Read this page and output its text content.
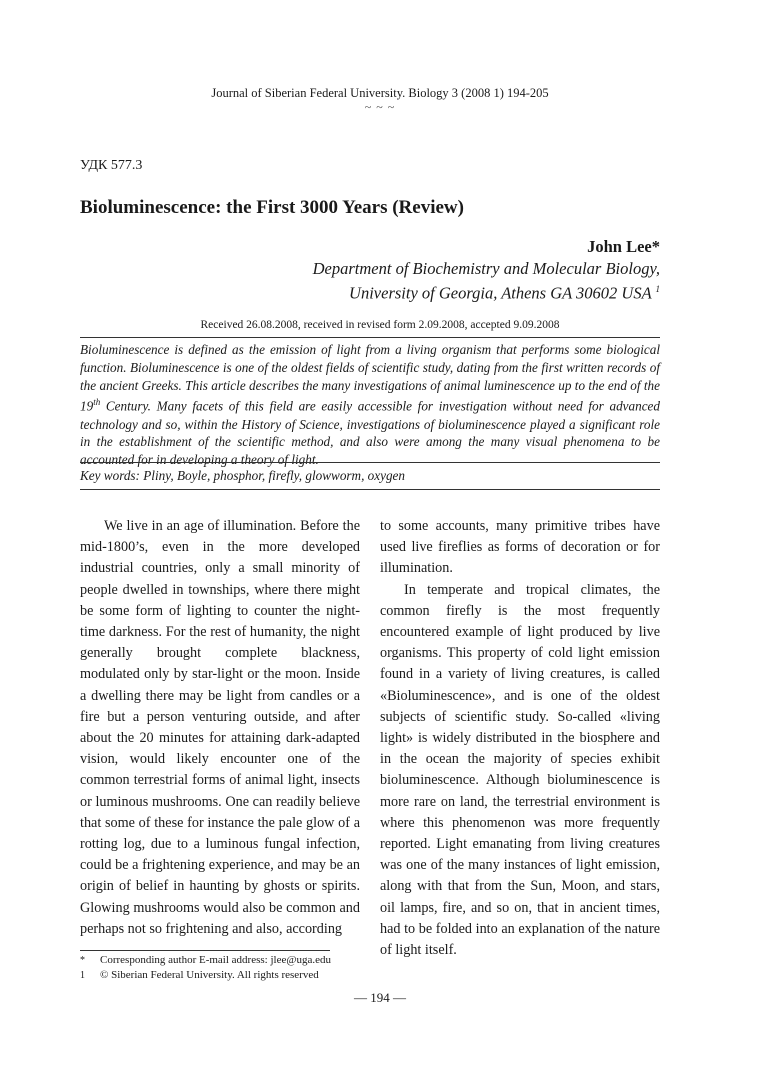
Journal of Siberian Federal University. Biology 3 (2008 1) 194-205
~ ~ ~
УДК 577.3
Bioluminescence: the First 3000 Years (Review)
John Lee*
Department of Biochemistry and Molecular Biology,
University of Georgia, Athens GA 30602 USA $^1$
Received 26.08.2008, received in revised form 2.09.2008, accepted 9.09.2008
Bioluminescence is defined as the emission of light from a living organism that performs some biological function. Bioluminescence is one of the oldest fields of scientific study, dating from the first written records of the ancient Greeks. This article describes the many investigations of animal luminescence up to the end of the 19th Century. Many facets of this field are easily accessible for investigation without need for advanced technology and so, within the History of Science, investigations of bioluminescence played a significant role in the establishment of the scientific method, and also were among the many visual phenomena to be accounted for in developing a theory of light.
Key words: Pliny, Boyle, phosphor, firefly, glowworm, oxygen

We live in an age of illumination. Before the mid-1800’s, even in the more developed industrial countries, only a small minority of people dwelled in townships, where there might be some form of lighting to counter the night-time darkness. For the rest of humanity, the night generally brought complete blackness, modulated only by star-light or the moon. Inside a dwelling there may be light from candles or a fire but a person venturing outside, and after about the 20 minutes for attaining dark-adapted vision, would likely encounter one of the common terrestrial forms of animal light, insects or luminous mushrooms. One can readily believe that some of these for instance the pale glow of a rotting log, due to a luminous fungal infection, could be a frightening experience, and may be an origin of belief in haunting by ghosts or spirits. Glowing mushrooms would also be common and perhaps not so frightening and also, according

to some accounts, many primitive tribes have used live fireflies as forms of decoration or for illumination.

In temperate and tropical climates, the common firefly is the most frequently encountered example of light produced by live organisms. This property of cold light emission found in a variety of living creatures, is called «Bioluminescence», and is one of the oldest subjects of scientific study. So-called «living light» is widely distributed in the biosphere and in the ocean the majority of species exhibit bioluminescence. Although bioluminescence is more rare on land, the terrestrial environment is where this phenomenon was more frequently reported. Light emanating from living creatures was one of the many instances of light emission, along with that from the Sun, Moon, and stars, oil lamps, fire, and so on, that in ancient times, had to be folded into an explanation of the nature of light itself.

*	Corresponding author E-mail address: jlee@uga.edu
1	© Siberian Federal University. All rights reserved
— 194 —
